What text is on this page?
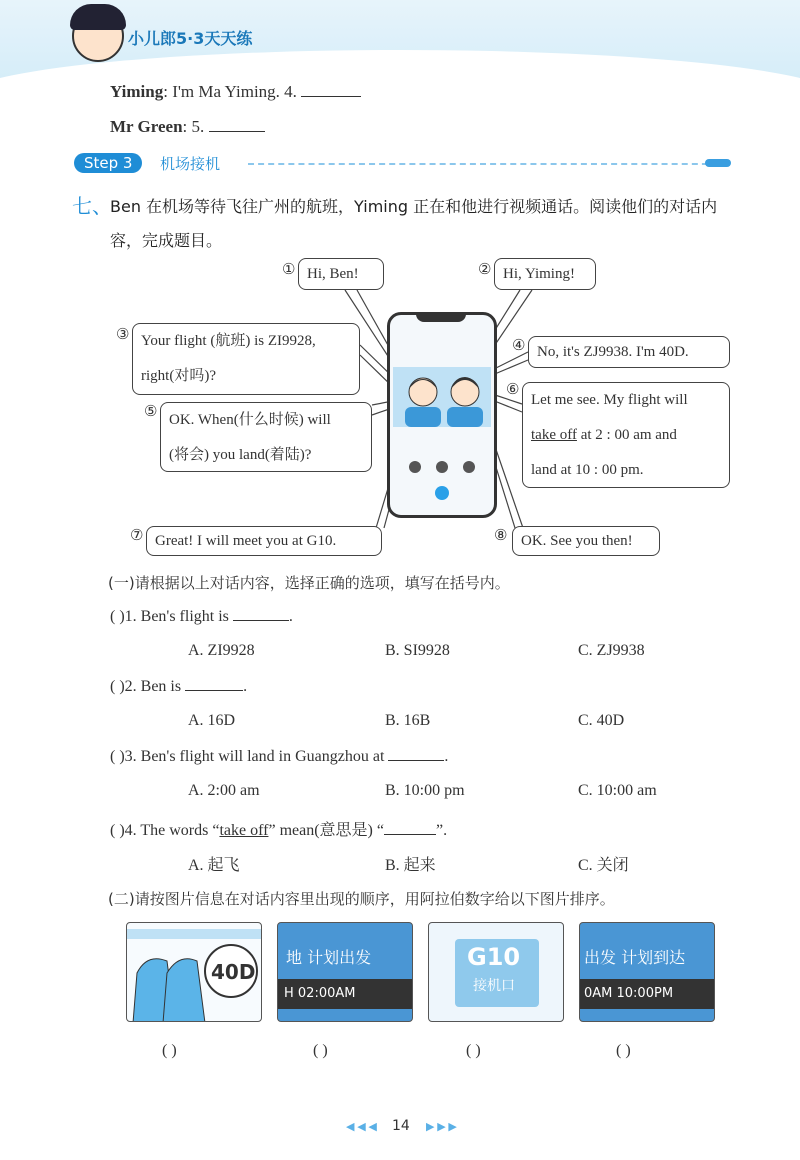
小儿郎5·3天天练
Yiming: I'm Ma Yiming. 4.
Mr Green: 5.
Step 3	机场接机
七、
Ben 在机场等待飞往广州的航班，Yiming 正在和他进行视频通话。阅读他们的对话内容，完成题目。
① Hi, Ben!	② Hi, Yiming!
③ Your flight (航班) is ZI9928,
right(对吗)?
④ No, it's ZJ9938. I'm 40D.
⑤ OK. When(什么时候) will
(将会) you land(着陆)?
⑥
Let me see. My flight will
take off at 2 : 00 am and
land at 10 : 00 pm.
⑦ Great! I will meet you at G10.	⑧ OK. See you then!
(一)请根据以上对话内容，选择正确的选项，填写在括号内。
( )1. Ben's flight is	.
A. ZI9928	B. SI9928	C. ZJ9938
( )2. Ben is	.
A. 16D	B. 16B	C. 40D
( )3. Ben's flight will land in Guangzhou at	.
A. 2:00 am	B. 10:00 pm	C. 10:00 am
( )4. The words “take off” mean(意思是) “	”.
A. 起飞	B. 起来	C. 关闭
(二)请按图片信息在对话内容里出现的顺序，用阿拉伯数字给以下图片排序。
40D
地 计划出发
H 02:00AM
G10
接机口
出发 计划到达
0AM 10:00PM
( )	( )	( )	( )
◀ ◀ ◀ 14 ▶ ▶ ▶
